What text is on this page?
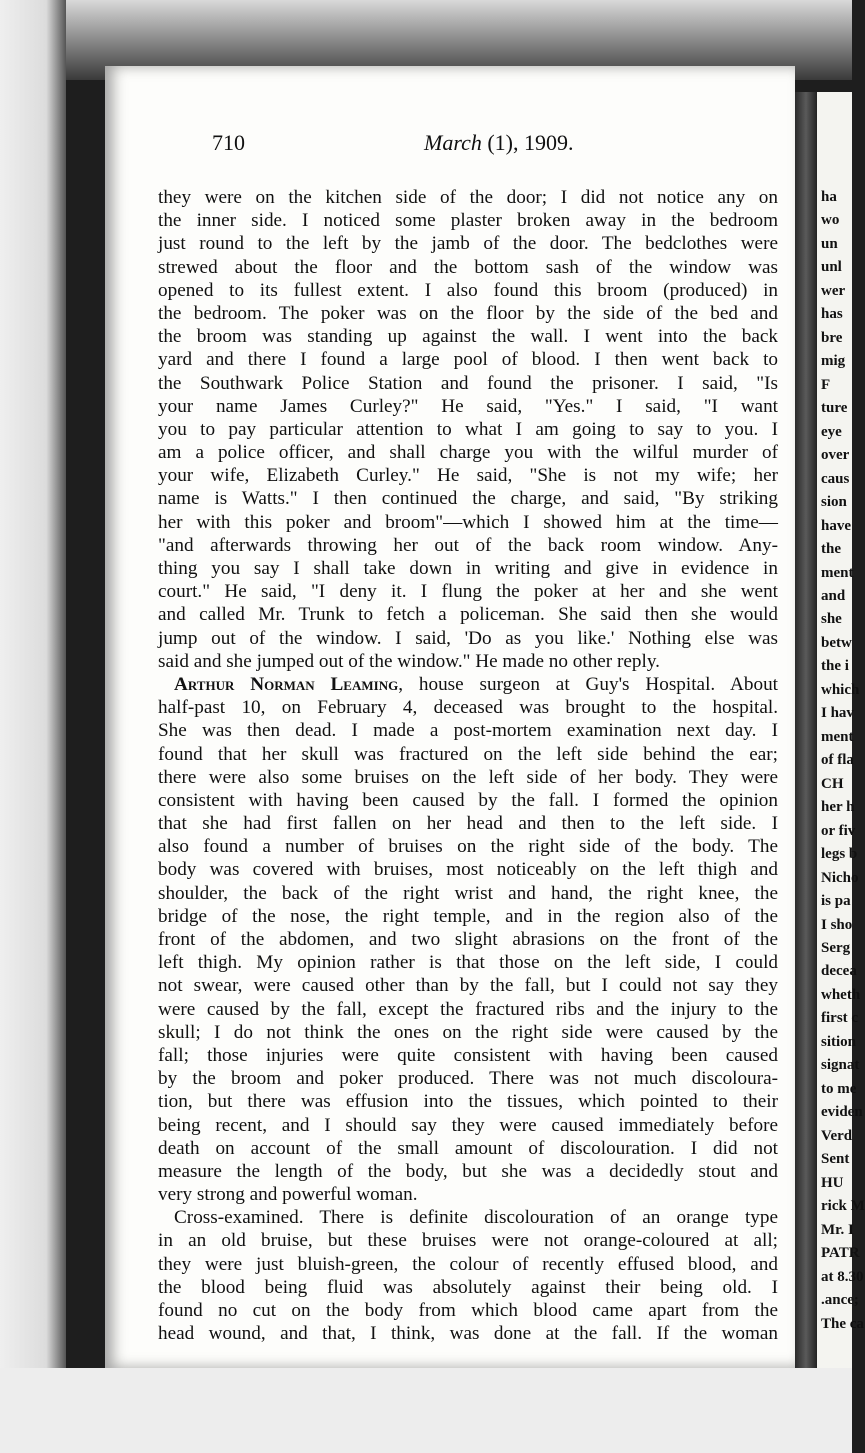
ha
wo
un
unl
wer
has
bre
mig
F
ture
eye
over
caus
sion
have
the
ment
and
she
betw
the i
which
I hav
ment
of fla
CH
her h
or fiv
legs b
Nicho
is pa
I sho
Serg
decea
wheth
first c
sition
signat
to me
eviden
Verd
Sent
HU
rick M
Mr. I
PATR
at 8.30
.ance;
The ca
710	March (1), 1909.
they were on the kitchen side of the door; I did not notice any on
the inner side. I noticed some plaster broken away in the bedroom
just round to the left by the jamb of the door. The bedclothes were
strewed about the floor and the bottom sash of the window was
opened to its fullest extent. I also found this broom (produced) in
the bedroom. The poker was on the floor by the side of the bed and
the broom was standing up against the wall. I went into the back
yard and there I found a large pool of blood. I then went back to
the Southwark Police Station and found the prisoner. I said, "Is
your name James Curley?" He said, "Yes." I said, "I want
you to pay particular attention to what I am going to say to you. I
am a police officer, and shall charge you with the wilful murder of
your wife, Elizabeth Curley." He said, "She is not my wife; her
name is Watts." I then continued the charge, and said, "By striking
her with this poker and broom"—which I showed him at the time—
"and afterwards throwing her out of the back room window. Any-
thing you say I shall take down in writing and give in evidence in
court." He said, "I deny it. I flung the poker at her and she went
and called Mr. Trunk to fetch a policeman. She said then she would
jump out of the window. I said, 'Do as you like.' Nothing else was
said and she jumped out of the window." He made no other reply.
Arthur Norman Leaming, house surgeon at Guy's Hospital. About
half-past 10, on February 4, deceased was brought to the hospital.
She was then dead. I made a post-mortem examination next day. I
found that her skull was fractured on the left side behind the ear;
there were also some bruises on the left side of her body. They were
consistent with having been caused by the fall. I formed the opinion
that she had first fallen on her head and then to the left side. I
also found a number of bruises on the right side of the body. The
body was covered with bruises, most noticeably on the left thigh and
shoulder, the back of the right wrist and hand, the right knee, the
bridge of the nose, the right temple, and in the region also of the
front of the abdomen, and two slight abrasions on the front of the
left thigh. My opinion rather is that those on the left side, I could
not swear, were caused other than by the fall, but I could not say they
were caused by the fall, except the fractured ribs and the injury to the
skull; I do not think the ones on the right side were caused by the
fall; those injuries were quite consistent with having been caused
by the broom and poker produced. There was not much discoloura-
tion, but there was effusion into the tissues, which pointed to their
being recent, and I should say they were caused immediately before
death on account of the small amount of discolouration. I did not
measure the length of the body, but she was a decidedly stout and
very strong and powerful woman.
Cross-examined. There is definite discolouration of an orange type
in an old bruise, but these bruises were not orange-coloured at all;
they were just bluish-green, the colour of recently effused blood, and
the blood being fluid was absolutely against their being old. I
found no cut on the body from which blood came apart from the
head wound, and that, I think, was done at the fall. If the woman
